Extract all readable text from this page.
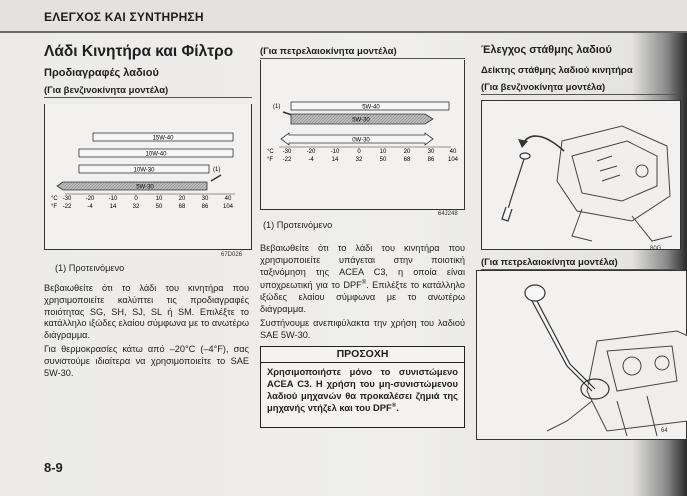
ΕΛΕΓΧΟΣ ΚΑΙ ΣΥΝΤΗΡΗΣΗ
Λάδι Κινητήρα και Φίλτρο
Προδιαγραφές λαδιού
(Για βενζινοκίνητα μοντέλα)
15W-40
10W-40
10W-30	(1)
5W-30
°C
°F
-30 -20 -10	0	10	20	30	40
-22	-4	14	32	50	68	86 104
67D026
(1) Προτεινόμενο
Βεβαιωθείτε ότι το λάδι του κινητήρα που χρησιμοποιείτε καλύπτει τις προδιαγραφές ποιότητας SG, SH, SJ, SL ή SM. Επιλέξτε το κατάλληλο ιξώδες ελαίου σύμφωνα με το ανωτέρω διάγραμμα.
Για θερμοκρασίες κάτω από –20°C (–4°F), σας συνιστούμε ιδιαίτερα να χρησιμοποιείτε το SAE 5W-30.
(Για πετρελαιοκίνητα μοντέλα)
(1)	5W-40
5W-30
0W-30
°C
°F
-30	-20	-10	0	10	20	30	40
-22	-4	14	32	50	68	86 104
64J248
(1) Προτεινόμενο
Βεβαιωθείτε ότι το λάδι του κινητήρα που χρησιμοποιείτε υπάγεται στην ποιοτική ταξινόμηση της ACEA C3, η οποία είναι υποχρεωτική για το DPF®. Επιλέξτε το κατάλληλο ιξώδες ελαίου σύμφωνα με το ανωτέρω διάγραμμα.
Συστήνουμε ανεπιφύλακτα την χρήση του λαδιού SAE 5W-30.
ΠΡΟΣΟΧΗ
Χρησιμοποιήστε μόνο το συνιστώμενο ACEA C3. Η χρήση του μη-συνιστώμενου λαδιού μηχανών θα προκαλέσει ζημιά της μηχανής ντήζελ και του DPF®.
Έλεγχος στάθμης λαδιού
Δείκτης στάθμης λαδιού κινητήρα
(Για βενζινοκίνητα μοντέλα)
80G
(Για πετρελαιοκίνητα μοντέλα)
64
8-9
